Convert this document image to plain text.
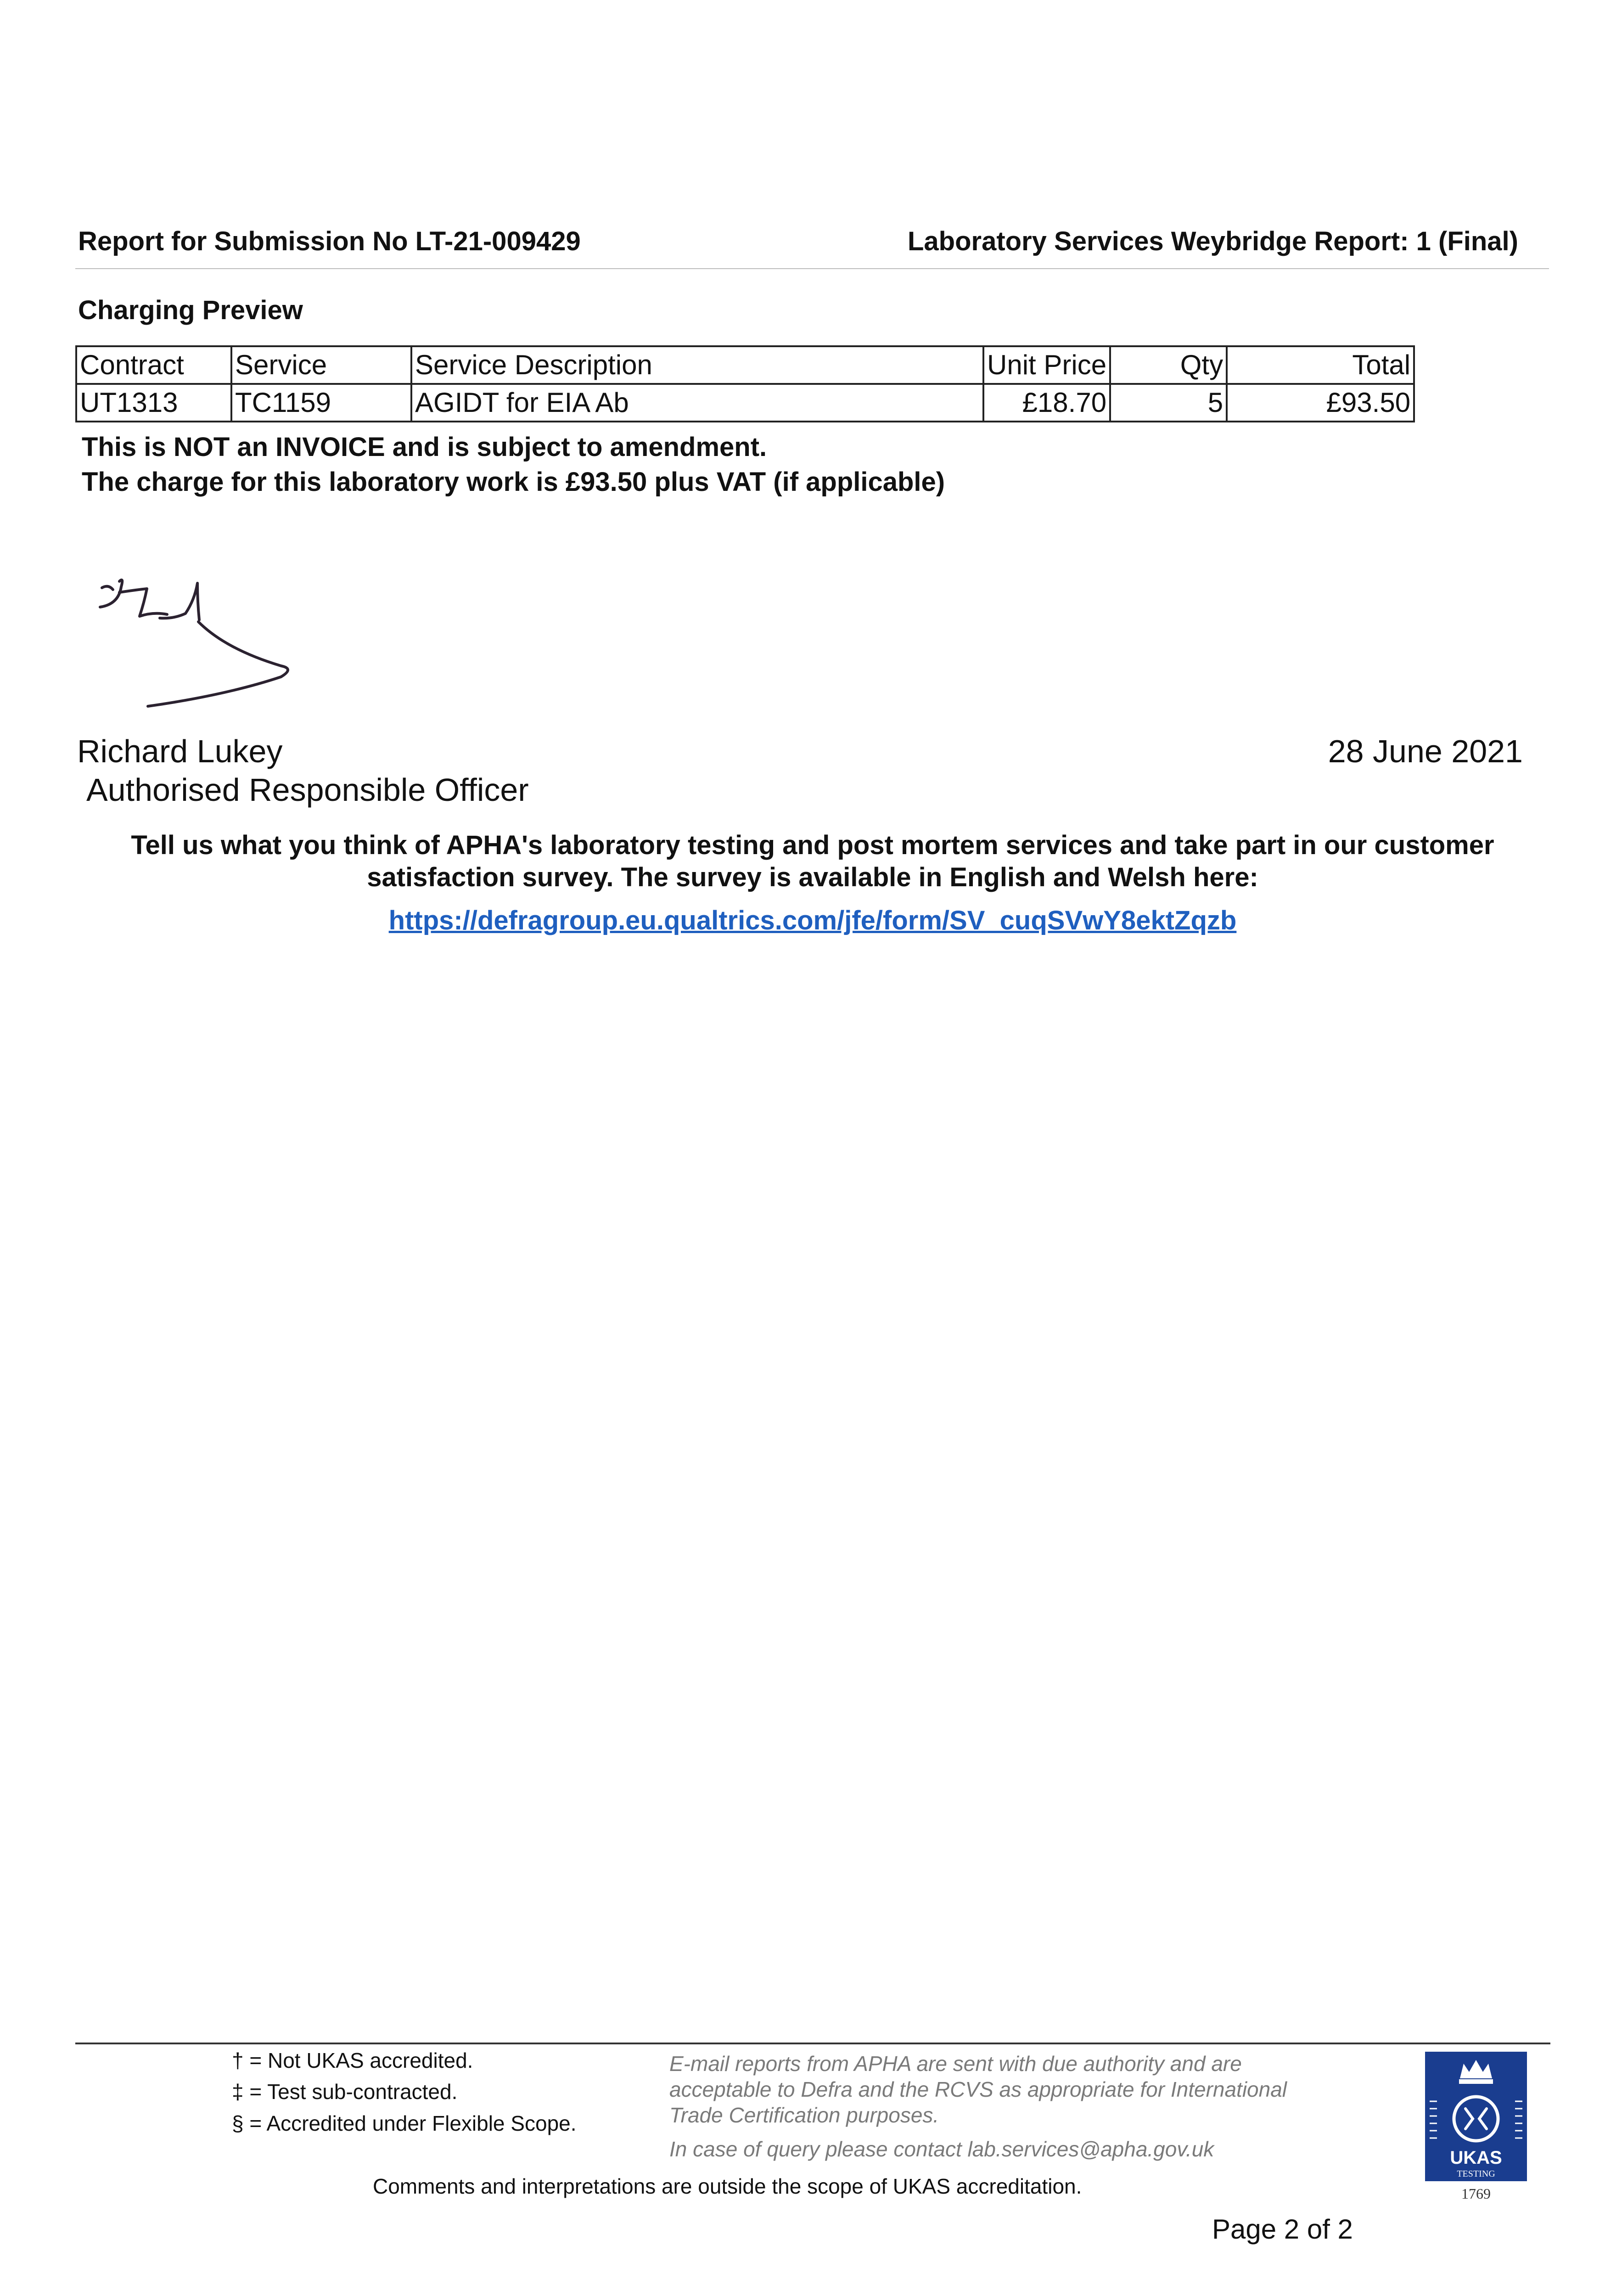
Report for Submission No LT-21-009429	Laboratory Services Weybridge Report: 1 (Final)
Charging Preview
Contract	Service	Service Description	Unit Price	Qty	Total
UT1313	TC1159	AGIDT for EIA Ab	£18.70	5	£93.50
This is NOT an INVOICE and is subject to amendment.
The charge for this laboratory work is £93.50 plus VAT (if applicable)
Richard Lukey
Authorised Responsible Officer
28 June 2021
Tell us what you think of APHA's laboratory testing and post mortem services and take part in our customer
satisfaction survey. The survey is available in English and Welsh here:
https://defragroup.eu.qualtrics.com/jfe/form/SV_cuqSVwY8ektZqzb
† = Not UKAS accredited.
‡ = Test sub-contracted.
§ = Accredited under Flexible Scope.
E-mail reports from APHA are sent with due authority and are acceptable to Defra and the RCVS as appropriate for International Trade Certification purposes.
In case of query please contact lab.services@apha.gov.uk
Comments and interpretations are outside the scope of UKAS accreditation.
UKAS
TESTING
1769
Page 2 of 2
